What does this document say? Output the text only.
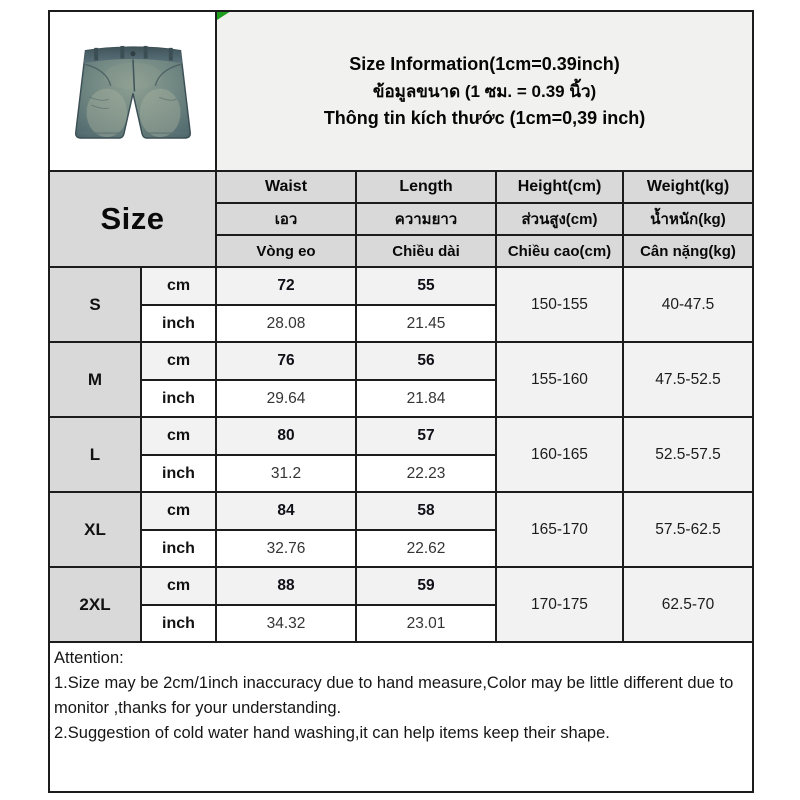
Size Information(1cm=0.39inch)
ข้อมูลขนาด (1 ซม. = 0.39 นิ้ว)
Thông tin kích thước (1cm=0,39 inch)			

Size		Waist	Length	Height(cm)	Weight(kg)
		เอว	ความยาว	ส่วนสูง(cm)	น้ำหนัก(kg)
		Vòng eo	Chiều dài	Chiều cao(cm)	Cân nặng(kg)
S	cm	72	55	150-155	40-47.5
	inch	28.08	21.45		
M	cm	76	56	155-160	47.5-52.5
	inch	29.64	21.84		
L	cm	80	57	160-165	52.5-57.5
	inch	31.2	22.23		
XL	cm	84	58	165-170	57.5-62.5
	inch	32.76	22.62		
2XL	cm	88	59	170-175	62.5-70
	inch	34.32	23.01		

Attention:
1.Size may be 2cm/1inch inaccuracy due to hand measure,Color may be little different due to monitor ,thanks for your understanding.
2.Suggestion of cold water hand washing,it can help items keep their shape.					
